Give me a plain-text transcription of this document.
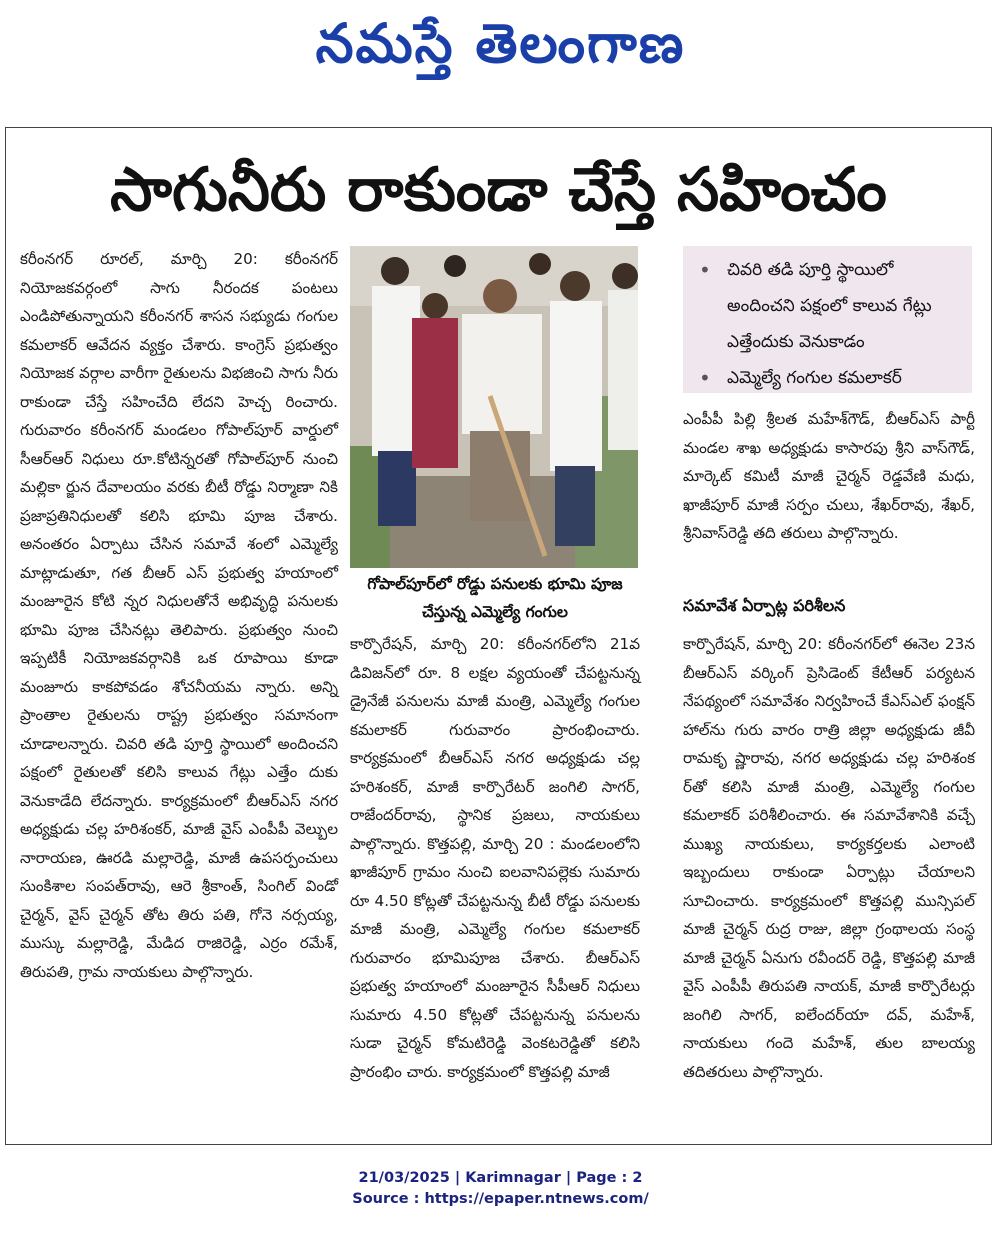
నమస్తే తెలంగాణ
సాగునీరు రాకుండా చేస్తే సహించం
కరీంనగర్ రూరల్, మార్చి 20: కరీంనగర్ నియోజకవర్గంలో సాగు నీరందక పంటలు ఎండిపోతున్నాయని కరీంనగర్ శాసన సభ్యుడు గంగుల కమలాకర్ ఆవేదన వ్యక్తం చేశారు. కాంగ్రెస్ ప్రభుత్వం నియోజక వర్గాల వారీగా రైతులను విభజించి సాగు నీరు రాకుండా చేస్తే సహించేది లేదని హెచ్చ రించారు. గురువారం కరీంనగర్ మండలం గోపాల్‌పూర్ వార్డులో సీఆర్‌ఆర్ నిధులు రూ.కోటిన్నరతో గోపాల్‌పూర్ నుంచి మల్లికా ర్జున దేవాలయం వరకు బీటీ రోడ్డు నిర్మాణా నికి ప్రజాప్రతినిధులతో కలిసి భూమి పూజ చేశారు. అనంతరం ఏర్పాటు చేసిన సమావే శంలో ఎమ్మెల్యే మాట్లాడుతూ, గత బీఆర్ ఎస్ ప్రభుత్వ హయాంలో మంజూరైన కోటి న్నర నిధులతోనే అభివృద్ధి పనులకు భూమి పూజ చేసినట్లు తెలిపారు. ప్రభుత్వం నుంచి ఇప్పటికీ నియోజకవర్గానికి ఒక రూపాయి కూడా మంజూరు కాకపోవడం శోచనీయమ న్నారు. అన్ని ప్రాంతాల రైతులను రాష్ట్ర ప్రభుత్వం సమానంగా చూడాలన్నారు. చివరి తడి పూర్తి స్థాయిలో అందించని పక్షంలో రైతులతో కలిసి కాలువ గేట్లు ఎత్తేం దుకు వెనుకాడేది లేదన్నారు. కార్యక్రమంలో బీఆర్‌ఎస్ నగర అధ్యక్షుడు చల్ల హరిశంకర్, మాజీ వైస్ ఎంపీపీ వెల్బుల నారాయణ, ఊరడి మల్లారెడ్డి, మాజీ ఉపసర్పంచులు సుంకిశాల సంపత్‌రావు, ఆరె శ్రీకాంత్, సింగిల్ విండో చైర్మన్, వైస్ చైర్మన్ తోట తిరు పతి, గోనె నర్సయ్య, ముస్కు మల్లారెడ్డి, మేడిద రాజిరెడ్డి, ఎర్రం రమేశ్, తిరుపతి, గ్రామ నాయకులు పాల్గొన్నారు.
గోపాల్‌పూర్‌లో రోడ్డు పనులకు భూమి పూజ చేస్తున్న ఎమ్మెల్యే గంగుల
• చివరి తడి పూర్తి స్థాయిలో అందించని పక్షంలో కాలువ గేట్లు ఎత్తేందుకు వెనుకాడం
• ఎమ్మెల్యే గంగుల కమలాకర్
ఎంపీపీ పిల్లి శ్రీలత మహేశ్‌గౌడ్, బీఆర్‌ఎస్ పార్టీ మండల శాఖ అధ్యక్షుడు కాసారపు శ్రీని వాస్‌గౌడ్, మార్కెట్ కమిటీ మాజీ చైర్మన్ రెడ్డవేణి మధు, ఖాజీపూర్ మాజీ సర్పం చులు, శేఖర్‌రావు, శేఖర్, శ్రీనివాస్‌రెడ్డి తది తరులు పాల్గొన్నారు.
కార్పొరేషన్, మార్చి 20: కరీంనగర్‌లోని 21వ డివిజన్‌లో రూ. 8 లక్షల వ్యయంతో చేపట్టనున్న డ్రైనేజీ పనులను మాజీ మంత్రి, ఎమ్మెల్యే గంగుల కమలాకర్ గురువారం ప్రారంభించారు. కార్యక్రమంలో బీఆర్‌ఎస్ నగర అధ్యక్షుడు చల్ల హరిశంకర్, మాజీ కార్పొరేటర్ జంగిలి సాగర్, రాజేందర్‌రావు, స్థానిక ప్రజలు, నాయకులు పాల్గొన్నారు. కొత్తపల్లి, మార్చి 20 : మండలంలోని ఖాజీపూర్ గ్రామం నుంచి ఐలవానిపల్లెకు సుమారు రూ 4.50 కోట్లతో చేపట్టనున్న బీటీ రోడ్డు పనులకు మాజీ మంత్రి, ఎమ్మెల్యే గంగుల కమలాకర్ గురువారం భూమిపూజ చేశారు. బీఆర్‌ఎస్ ప్రభుత్వ హయాంలో మంజూరైన సీపీఆర్ నిధులు సుమారు 4.50 కోట్లతో చేపట్టనున్న పనులను సుడా చైర్మన్ కోమటిరెడ్డి వెంకటరెడ్డితో కలిసి ప్రారంభిం చారు. కార్యక్రమంలో కొత్తపల్లి మాజీ
సమావేశ ఏర్పాట్ల పరిశీలన
కార్పొరేషన్, మార్చి 20: కరీంనగర్‌లో ఈనెల 23న బీఆర్‌ఎస్ వర్కింగ్ ప్రెసిడెంట్ కేటీఆర్ పర్యటన నేపథ్యంలో సమావేశం నిర్వహించే కేఎస్ఎల్ ఫంక్షన్ హాల్‌ను గురు వారం రాత్రి జిల్లా అధ్యక్షుడు జీవీ రామకృ ష్ణారావు, నగర అధ్యక్షుడు చల్ల హరిశంక ర్‌తో కలిసి మాజీ మంత్రి, ఎమ్మెల్యే గంగుల కమలాకర్ పరిశీలించారు. ఈ సమావేశానికి వచ్చే ముఖ్య నాయకులు, కార్యకర్తలకు ఎలాంటి ఇబ్బందులు రాకుండా ఏర్పాట్లు చేయాలని సూచించారు. కార్యక్రమంలో కొత్తపల్లి మున్సిపల్ మాజీ చైర్మన్ రుద్ర రాజు, జిల్లా గ్రంథాలయ సంస్థ మాజీ చైర్మన్ ఏనుగు రవీందర్ రెడ్డి, కొత్తపల్లి మాజీ వైస్ ఎంపీపీ తిరుపతి నాయక్, మాజీ కార్పొరేటర్లు జంగిలి సాగర్, ఐలేందర్‌యా దవ్, మహేశ్, నాయకులు గందె మహేశ్, తుల బాలయ్య తదితరులు పాల్గొన్నారు.
21/03/2025 | Karimnagar | Page : 2
Source : https://epaper.ntnews.com/
